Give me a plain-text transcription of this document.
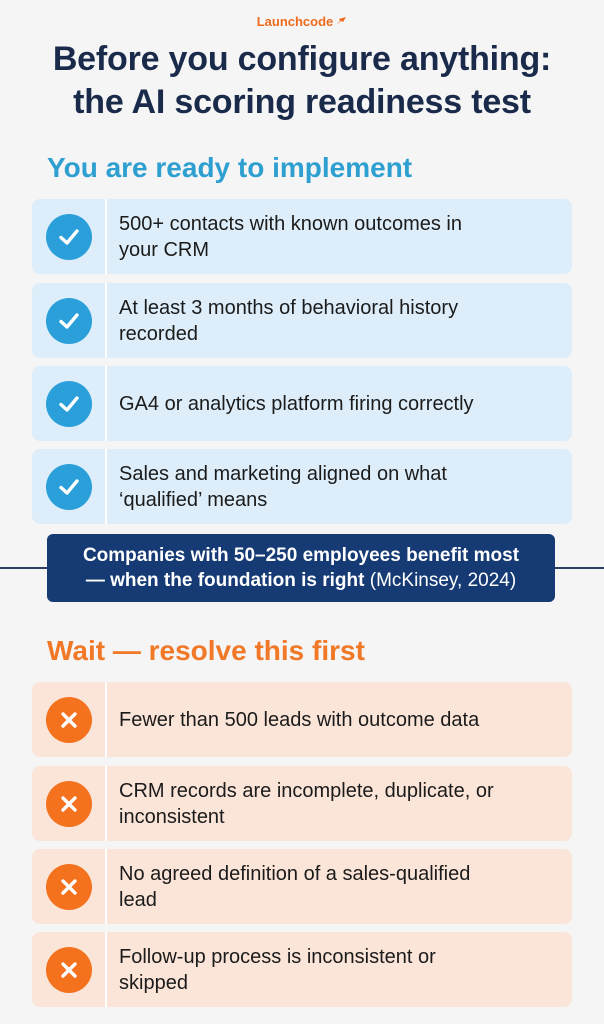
Launchcode
Before you configure anything:
the AI scoring readiness test
You are ready to implement
500+ contacts with known outcomes in
your CRM
At least 3 months of behavioral history
recorded
GA4 or analytics platform firing correctly
Sales and marketing aligned on what
‘qualified’ means
Companies with 50–250 employees benefit most
— when the foundation is right (McKinsey, 2024)
Wait — resolve this first
Fewer than 500 leads with outcome data
CRM records are incomplete, duplicate, or
inconsistent
No agreed definition of a sales-qualified
lead
Follow-up process is inconsistent or
skipped
